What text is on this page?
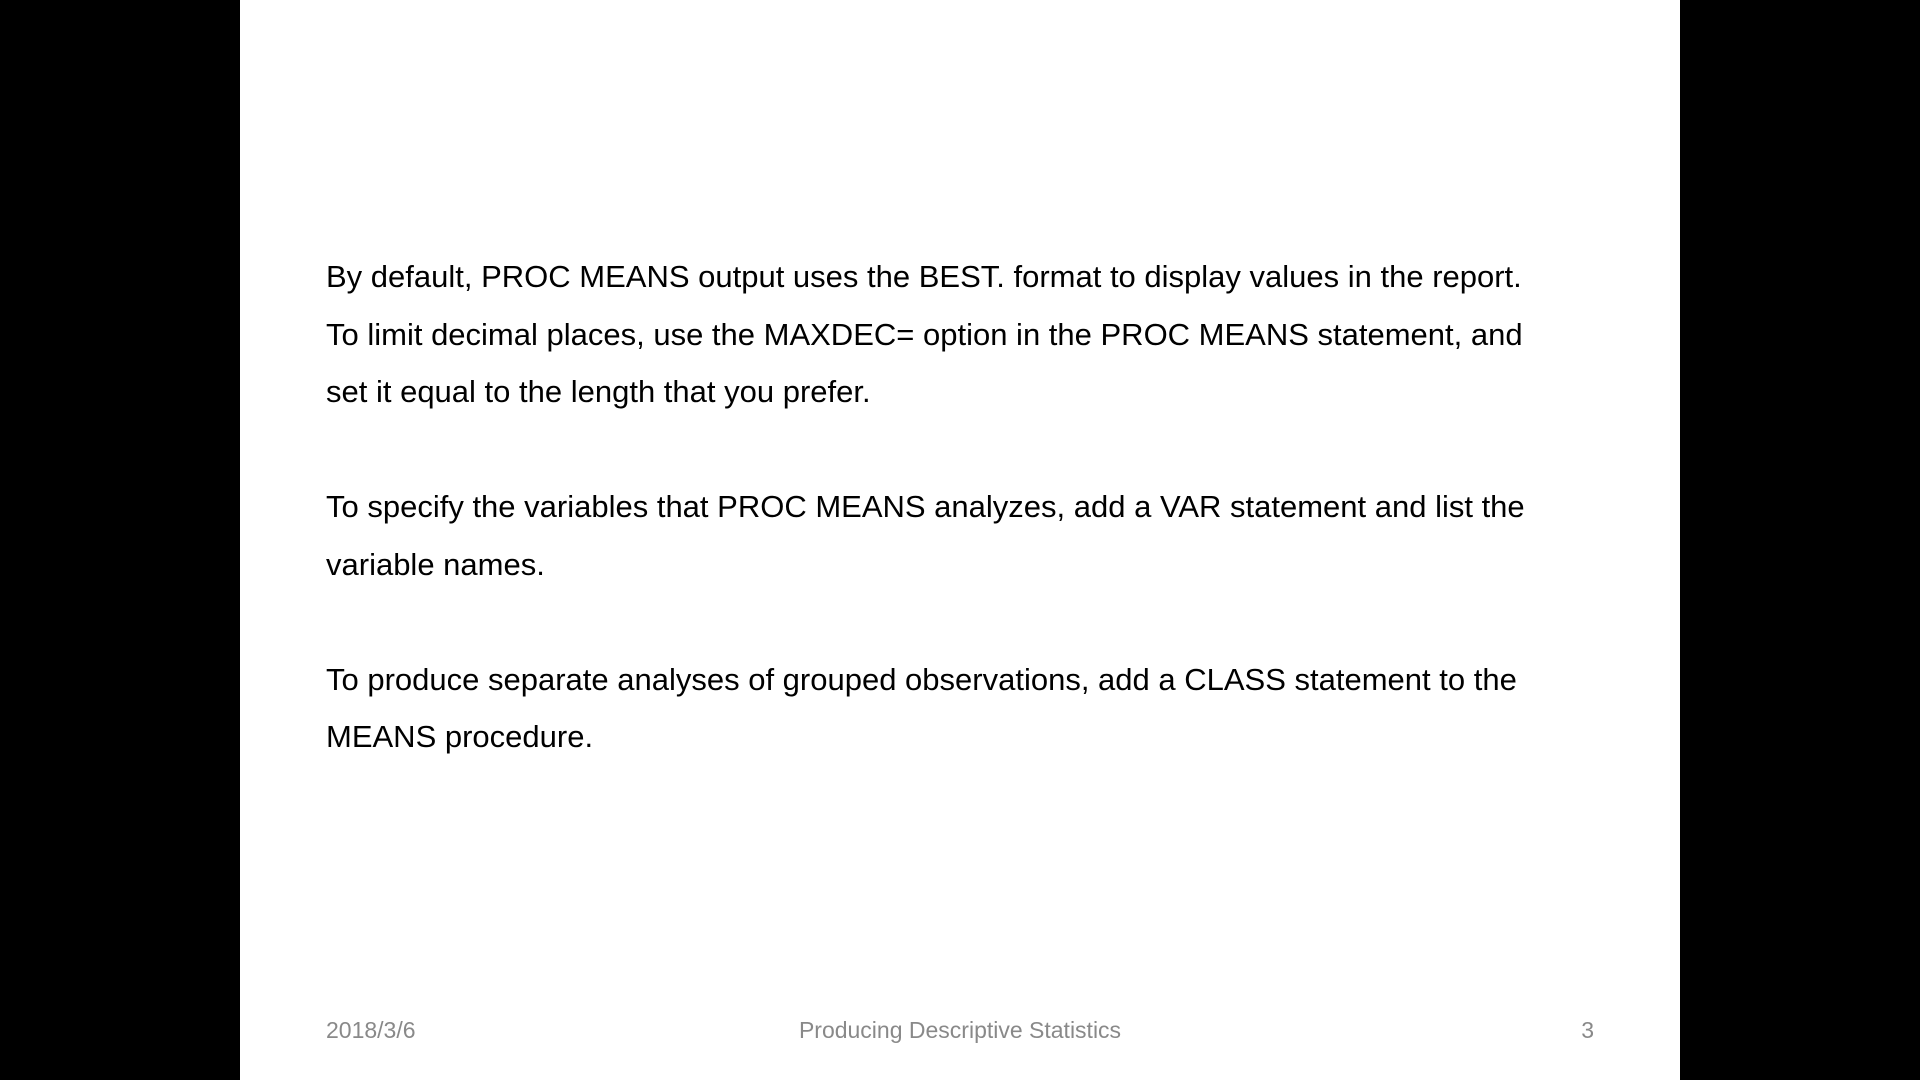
By default, PROC MEANS output uses the BEST. format to display values in the report.

To limit decimal places, use the MAXDEC= option in the PROC MEANS statement, and

set it equal to the length that you prefer.

To specify the variables that PROC MEANS analyzes, add a VAR statement and list the

variable names.

To produce separate analyses of grouped observations, add a CLASS statement to the

MEANS procedure.

2018/3/6	Producing Descriptive Statistics	3
